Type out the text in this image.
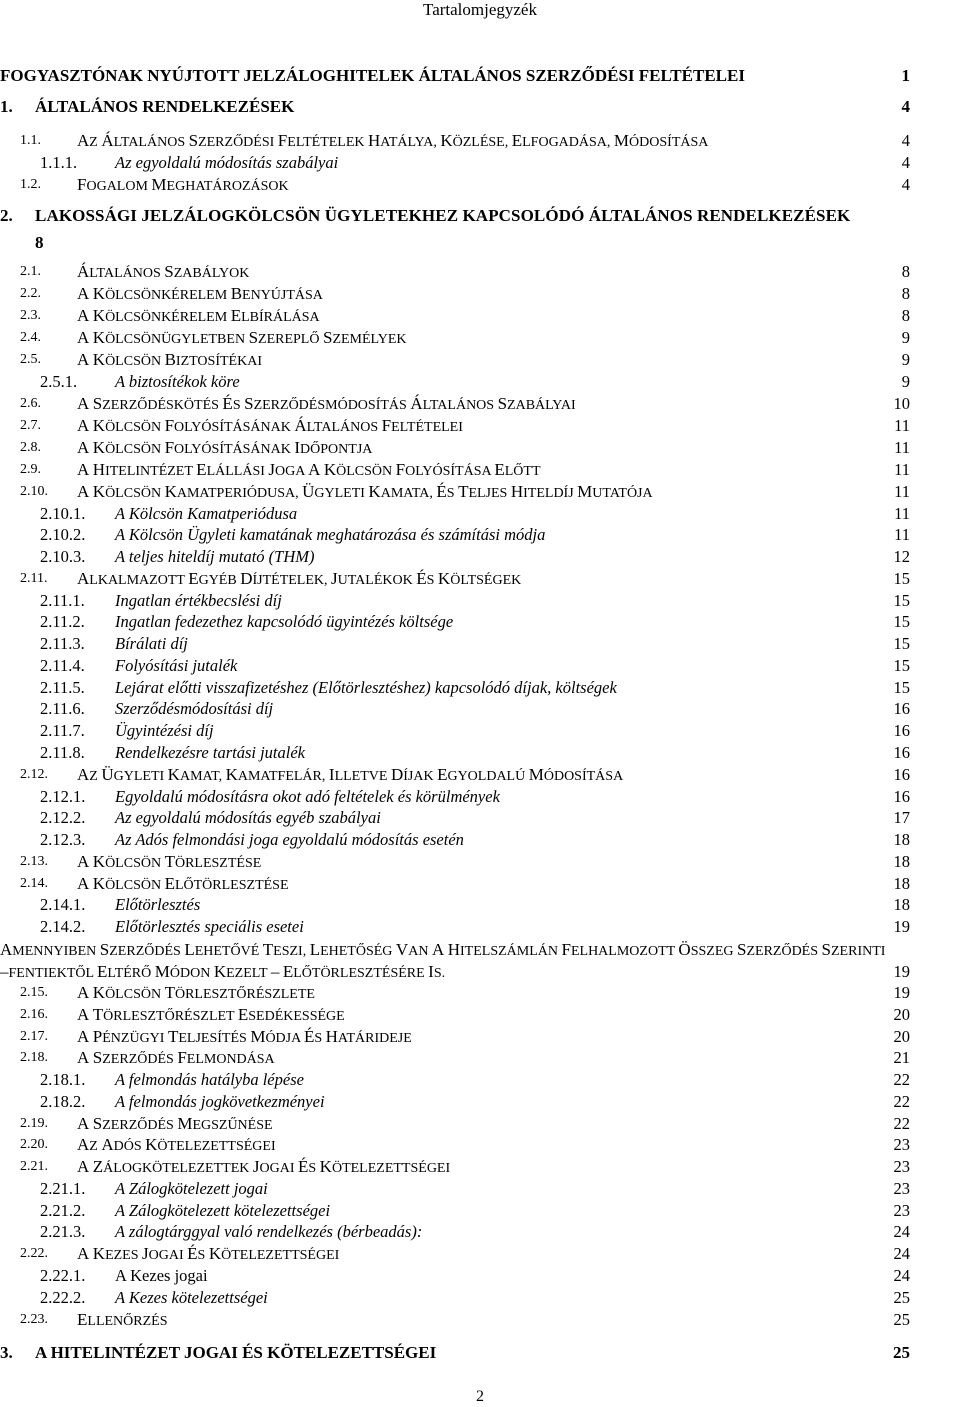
Tartalomjegyzék
FOGYASZTÓNAK NYÚJTOTT JELZÁLOGHITELEK ÁLTALÁNOS SZERZŐDÉSI FELTÉTELEI	1
1. ÁLTALÁNOS RENDELKEZÉSEK	4
1.1. AZ ÁLTALÁNOS SZERZŐDÉSI FELTÉTELEK HATÁLYA, KÖZLÉSE, ELFOGADÁSA, MÓDOSÍTÁSA	4
1.1.1. Az egyoldalú módosítás szabályai	4
1.2. FOGALOM MEGHATÁROZÁSOK	4
2. LAKOSSÁGI JELZÁLOGKÖLCSÖN ÜGYLETEKHEZ KAPCSOLÓDÓ ÁLTALÁNOS RENDELKEZÉSEK
8
2.1. ÁLTALÁNOS SZABÁLYOK	8
2.2. A KÖLCSÖNKÉRELEM BENYÚJTÁSA	8
2.3. A KÖLCSÖNKÉRELEM ELBÍRÁLÁSA	8
2.4. A KÖLCSÖNÜGYLETBEN SZEREPLŐ SZEMÉLYEK	9
2.5. A KÖLCSÖN BIZTOSÍTÉKAI	9
2.5.1. A biztosítékok köre	9
2.6. A SZERZŐDÉSKÖTÉS ÉS SZERZŐDÉSMÓDOSÍTÁS ÁLTALÁNOS SZABÁLYAI	10
2.7. A KÖLCSÖN FOLYÓSÍTÁSÁNAK ÁLTALÁNOS FELTÉTELEI	11
2.8. A KÖLCSÖN FOLYÓSÍTÁSÁNAK IDŐPONTJA	11
2.9. A HITELINTÉZET ELÁLLÁSI JOGA A KÖLCSÖN FOLYÓSÍTÁSA ELŐTT	11
2.10. A KÖLCSÖN KAMATPERIÓDUSA, ÜGYLETI KAMATA, ÉS TELJES HITELDÍJ MUTATÓJA	11
2.10.1. A Kölcsön Kamatperiódusa	11
2.10.2. A Kölcsön Ügyleti kamatának meghatározása és számítási módja	11
2.10.3. A teljes hiteldíj mutató (THM)	12
2.11. ALKALMAZOTT EGYÉB DÍJTÉTELEK, JUTALÉKOK ÉS KÖLTSÉGEK	15
2.11.1. Ingatlan értékbecslési díj	15
2.11.2. Ingatlan fedezethez kapcsolódó ügyintézés költsége	15
2.11.3. Bírálati díj	15
2.11.4. Folyósítási jutalék	15
2.11.5. Lejárat előtti visszafizetéshez (Előtörlesztéshez) kapcsolódó díjak, költségek	15
2.11.6. Szerződésmódosítási díj	16
2.11.7. Ügyintézési díj	16
2.11.8. Rendelkezésre tartási jutalék	16
2.12. AZ ÜGYLETI KAMAT, KAMATFELÁR, ILLETVE DÍJAK EGYOLDALÚ MÓDOSÍTÁSA	16
2.12.1. Egyoldalú módosításra okot adó feltételek és körülmények	16
2.12.2. Az egyoldalú módosítás egyéb szabályai	17
2.12.3. Az Adós felmondási joga egyoldalú módosítás esetén	18
2.13. A KÖLCSÖN TÖRLESZTÉSE	18
2.14. A KÖLCSÖN ELŐTÖRLESZTÉSE	18
2.14.1. Előtörlesztés	18
2.14.2. Előtörlesztés speciális esetei	19
AMENNYIBEN SZERZŐDÉS LEHETŐVÉ TESZI, LEHETŐSÉG VAN A HITELSZÁMLÁN FELHALMOZOTT ÖSSZEG SZERZŐDÉS SZERINTI
–FENTIEKTŐL ELTÉRŐ MÓDON KEZELT – ELŐTÖRLESZTÉSÉRE IS.	19
2.15. A KÖLCSÖN TÖRLESZTŐRÉSZLETE	19
2.16. A TÖRLESZTŐRÉSZLET ESEDÉKESSÉGE	20
2.17. A PÉNZÜGYI TELJESÍTÉS MÓDJA ÉS HATÁRIDEJE	20
2.18. A SZERZŐDÉS FELMONDÁSA	21
2.18.1. A felmondás hatályba lépése	22
2.18.2. A felmondás jogkövetkezményei	22
2.19. A SZERZŐDÉS MEGSZŰNÉSE	22
2.20. AZ ADÓS KÖTELEZETTSÉGEI	23
2.21. A ZÁLOGKÖTELEZETTEK JOGAI ÉS KÖTELEZETTSÉGEI	23
2.21.1. A Zálogkötelezett jogai	23
2.21.2. A Zálogkötelezett kötelezettségei	23
2.21.3. A zálogtárggyal való rendelkezés (bérbeadás):	24
2.22. A KEZES JOGAI ÉS KÖTELEZETTSÉGEI	24
2.22.1. A Kezes jogai	24
2.22.2. A Kezes kötelezettségei	25
2.23. ELLENŐRZÉS	25
3. A HITELINTÉZET JOGAI ÉS KÖTELEZETTSÉGEI	25
2
